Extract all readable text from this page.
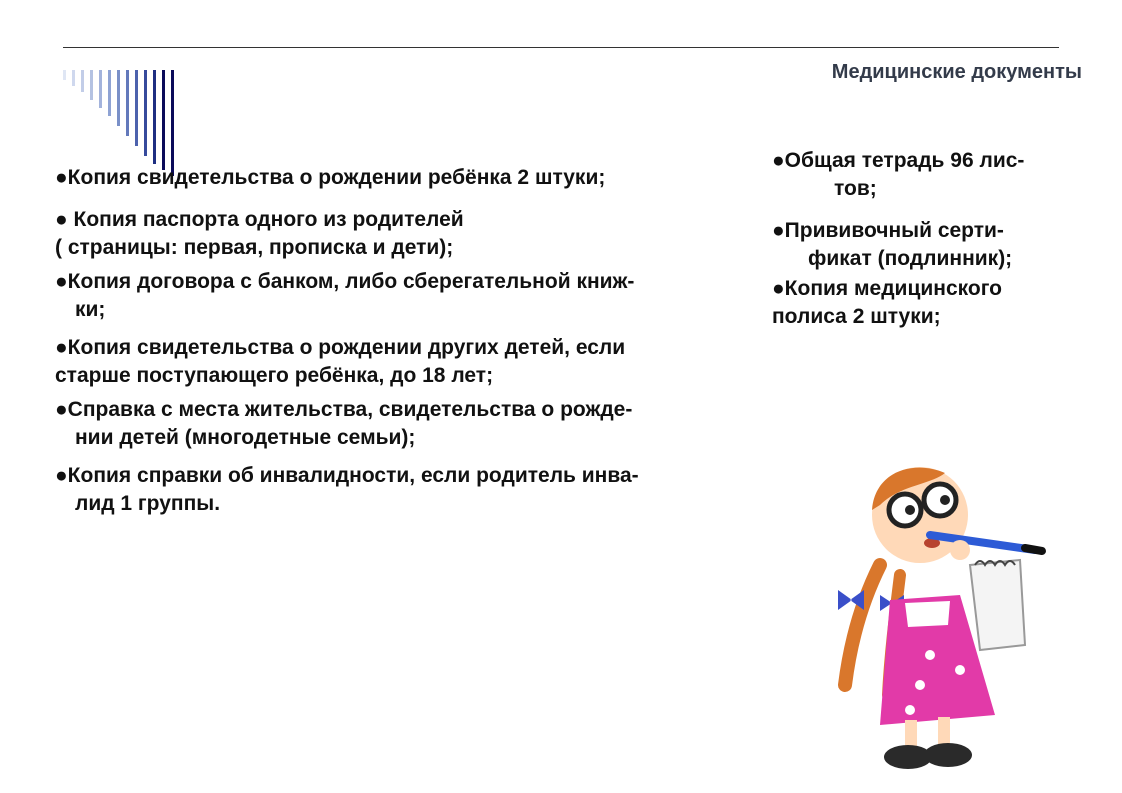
Медицинские документы
●Копия свидетельства о рождении ребёнка 2 штуки;
● Копия паспорта одного из родителей
( страницы: первая, прописка и дети);
●Копия договора с банком, либо сберегательной книж-
ки;
●Копия свидетельства о рождении других детей, если
старше поступающего ребёнка, до 18 лет;
●Справка с места жительства, свидетельства о рожде-
нии детей (многодетные семьи);
●Копия справки об инвалидности, если родитель инва-
лид 1 группы.
●Общая тетрадь 96 лис-
тов;
●Прививочный серти-
фикат (подлинник);
●Копия медицинского
полиса 2 штуки;
